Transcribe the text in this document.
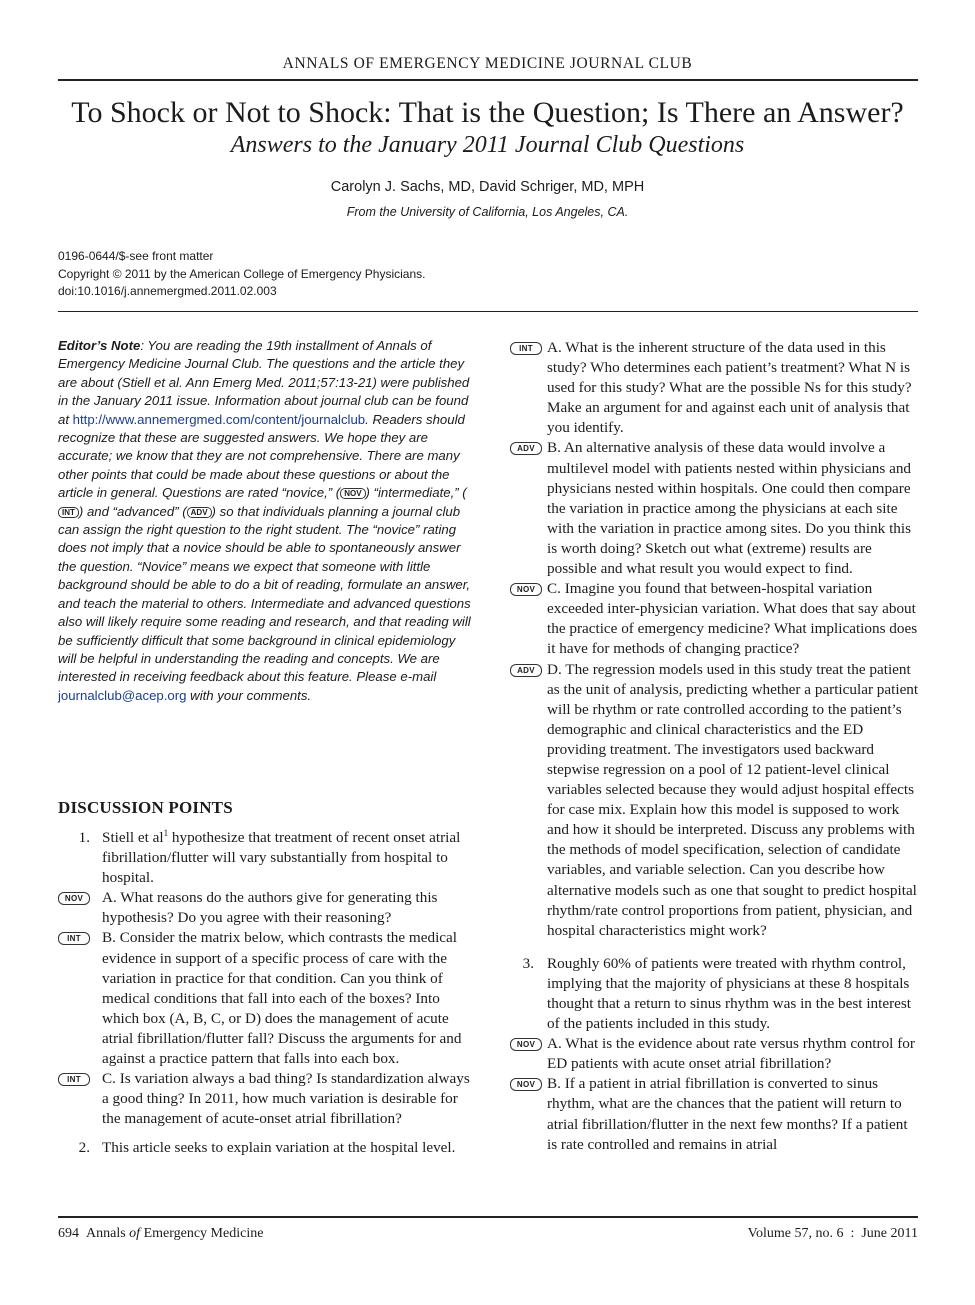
ANNALS OF EMERGENCY MEDICINE JOURNAL CLUB
To Shock or Not to Shock: That is the Question; Is There an Answer?
Answers to the January 2011 Journal Club Questions
Carolyn J. Sachs, MD, David Schriger, MD, MPH
From the University of California, Los Angeles, CA.
0196-0644/$-see front matter
Copyright © 2011 by the American College of Emergency Physicians.
doi:10.1016/j.annemergmed.2011.02.003
Editor’s Note: You are reading the 19th installment of Annals of Emergency Medicine Journal Club. The questions and the article they are about (Stiell et al. Ann Emerg Med. 2011;57:13-21) were published in the January 2011 issue. Information about journal club can be found at http://www.annemergmed.com/content/journalclub. Readers should recognize that these are suggested answers. We hope they are accurate; we know that they are not comprehensive. There are many other points that could be made about these questions or about the article in general. Questions are rated “novice,” ( NOV ) “intermediate,” (INT ) and “advanced” ( ADV ) so that individuals planning a journal club can assign the right question to the right student. The “novice” rating does not imply that a novice should be able to spontaneously answer the question. “Novice” means we expect that someone with little background should be able to do a bit of reading, formulate an answer, and teach the material to others. Intermediate and advanced questions also will likely require some reading and research, and that reading will be sufficiently difficult that some background in clinical epidemiology will be helpful in understanding the reading and concepts. We are interested in receiving feedback about this feature. Please e-mail journalclub@acep.org with your comments.
DISCUSSION POINTS
1. Stiell et $al^1$ hypothesize that treatment of recent onset atrial fibrillation/flutter will vary substantially from hospital to hospital.
NOV	A. What reasons do the authors give for generating this hypothesis? Do you agree with their reasoning?
INT	B. Consider the matrix below, which contrasts the medical evidence in support of a specific process of care with the variation in practice for that condition. Can you think of medical conditions that fall into each of the boxes? Into which box (A, B, C, or D) does the management of acute atrial fibrillation/flutter fall? Discuss the arguments for and against a practice pattern that falls into each box.
INT	C. Is variation always a bad thing? Is standardization always a good thing? In 2011, how much variation is desirable for the management of acute-onset atrial fibrillation?
2. This article seeks to explain variation at the hospital level.
INT A. What is the inherent structure of the data used in this study? Who determines each patient’s treatment? What N is used for this study? What are the possible Ns for this study? Make an argument for and against each unit of analysis that you identify.
ADV B. An alternative analysis of these data would involve a multilevel model with patients nested within physicians and physicians nested within hospitals. One could then compare the variation in practice among the physicians at each site with the variation in practice among sites. Do you think this is worth doing? Sketch out what (extreme) results are possible and what result you would expect to find.
NOV C. Imagine you found that between-hospital variation exceeded inter-physician variation. What does that say about the practice of emergency medicine? What implications does it have for methods of changing practice?
ADV D. The regression models used in this study treat the patient as the unit of analysis, predicting whether a particular patient will be rhythm or rate controlled according to the patient’s demographic and clinical characteristics and the ED providing treatment. The investigators used backward stepwise regression on a pool of 12 patient-level clinical variables selected because they would adjust hospital effects for case mix. Explain how this model is supposed to work and how it should be interpreted. Discuss any problems with the methods of model specification, selection of candidate variables, and variable selection. Can you describe how alternative models such as one that sought to predict hospital rhythm/rate control proportions from patient, physician, and hospital characteristics might work?
3. Roughly 60% of patients were treated with rhythm control, implying that the majority of physicians at these 8 hospitals thought that a return to sinus rhythm was in the best interest of the patients included in this study.
NOV A. What is the evidence about rate versus rhythm control for ED patients with acute onset atrial fibrillation?
NOV B. If a patient in atrial fibrillation is converted to sinus rhythm, what are the chances that the patient will return to atrial fibrillation/flutter in the next few months? If a patient is rate controlled and remains in atrial
694 Annals of Emergency Medicine	Volume 57, no. 6  :  June 2011
